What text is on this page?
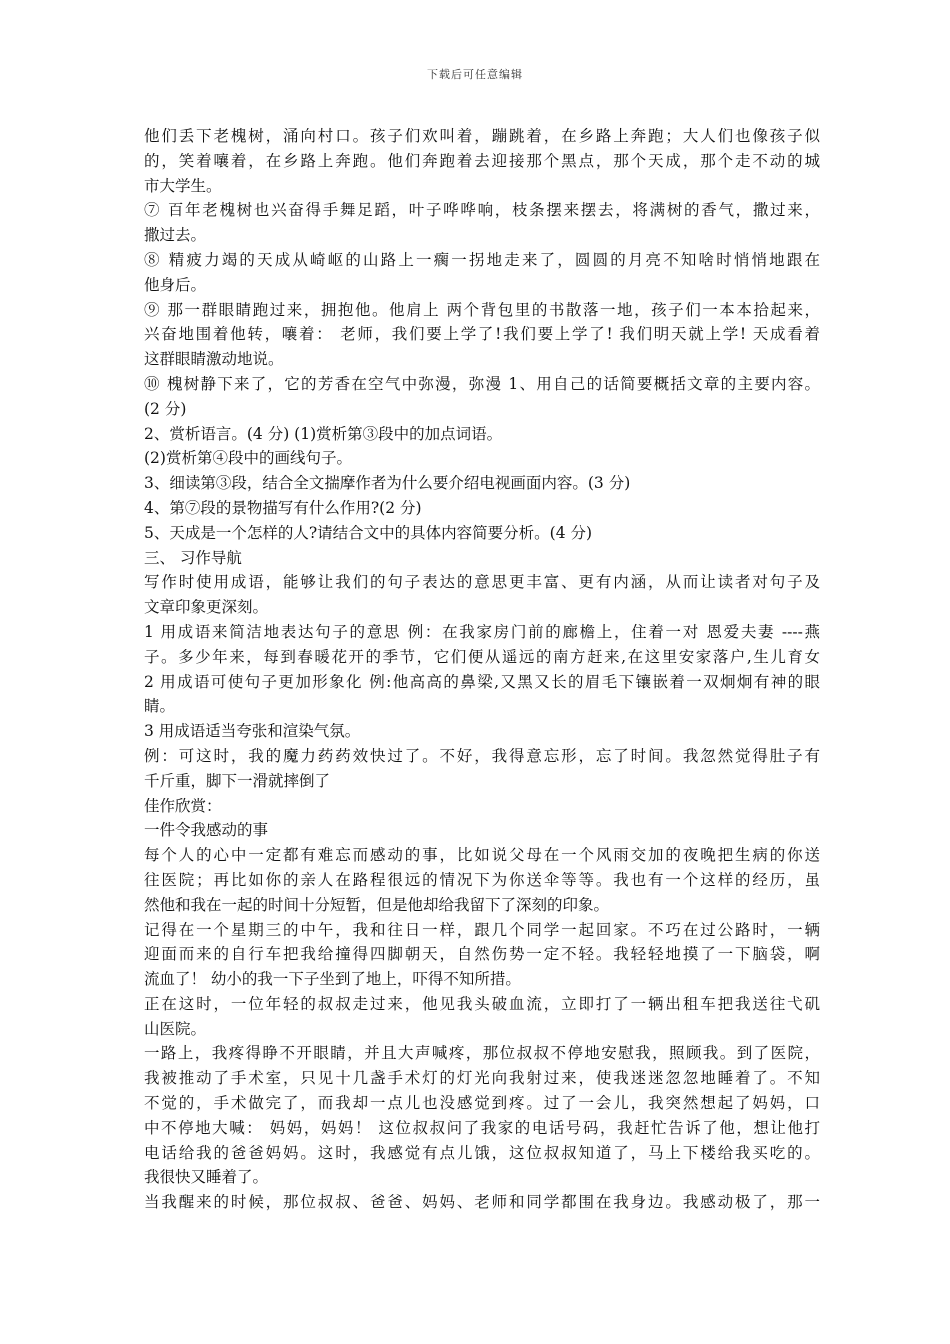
下载后可任意编辑
他们丢下老槐树，涌向村口。孩子们欢叫着，蹦跳着，在乡路上奔跑；大人们也像孩子似
的，笑着嚷着，在乡路上奔跑。他们奔跑着去迎接那个黑点，那个天成，那个走不动的城
市大学生。
⑦ 百年老槐树也兴奋得手舞足蹈，叶子哗哗响，枝条摆来摆去，将满树的香气，撒过来，
撒过去。
⑧ 精疲力竭的天成从崎岖的山路上一瘸一拐地走来了，圆圆的月亮不知啥时悄悄地跟在
他身后。
⑨ 那一群眼睛跑过来，拥抱他。他肩上 两个背包里的书散落一地，孩子们一本本拾起来，
兴奋地围着他转，嚷着： 老师，我们要上学了!我们要上学了! 我们明天就上学! 天成看着
这群眼睛激动地说。
⑩ 槐树静下来了，它的芳香在空气中弥漫，弥漫 1、用自己的话简要概括文章的主要内容。
(2 分)
2、赏析语言。(4 分) (1)赏析第③段中的加点词语。
(2)赏析第④段中的画线句子。
3、细读第③段，结合全文揣摩作者为什么要介绍电视画面内容。(3 分)
4、第⑦段的景物描写有什么作用?(2 分)
5、天成是一个怎样的人?请结合文中的具体内容简要分析。(4 分)
三、 习作导航
写作时使用成语，能够让我们的句子表达的意思更丰富、更有内涵，从而让读者对句子及
文章印象更深刻。
1 用成语来简洁地表达句子的意思 例：在我家房门前的廊檐上，住着一对 恩爱夫妻 ----燕
子。多少年来，每到春暖花开的季节，它们便从遥远的南方赶来,在这里安家落户,生儿育女
2 用成语可使句子更加形象化 例:他高高的鼻梁,又黑又长的眉毛下镶嵌着一双炯炯有神的眼
睛。
3 用成语适当夸张和渲染气氛。
例：可这时，我的魔力药药效快过了。不好，我得意忘形，忘了时间。我忽然觉得肚子有
千斤重，脚下一滑就摔倒了
佳作欣赏：
一件令我感动的事
每个人的心中一定都有难忘而感动的事，比如说父母在一个风雨交加的夜晚把生病的你送
往医院；再比如你的亲人在路程很远的情况下为你送伞等等。我也有一个这样的经历，虽
然他和我在一起的时间十分短暂，但是他却给我留下了深刻的印象。
记得在一个星期三的中午，我和往日一样，跟几个同学一起回家。不巧在过公路时，一辆
迎面而来的自行车把我给撞得四脚朝天，自然伤势一定不轻。我轻轻地摸了一下脑袋，啊
流血了！ 幼小的我一下子坐到了地上，吓得不知所措。
正在这时，一位年轻的叔叔走过来，他见我头破血流，立即打了一辆出租车把我送往弋矶
山医院。
一路上，我疼得睁不开眼睛，并且大声喊疼，那位叔叔不停地安慰我，照顾我。到了医院，
我被推动了手术室，只见十几盏手术灯的灯光向我射过来，使我迷迷忽忽地睡着了。不知
不觉的，手术做完了，而我却一点儿也没感觉到疼。过了一会儿，我突然想起了妈妈，口
中不停地大喊： 妈妈，妈妈！ 这位叔叔问了我家的电话号码，我赶忙告诉了他，想让他打
电话给我的爸爸妈妈。这时，我感觉有点儿饿，这位叔叔知道了，马上下楼给我买吃的。
我很快又睡着了。
当我醒来的时候，那位叔叔、爸爸、妈妈、老师和同学都围在我身边。我感动极了，那一
